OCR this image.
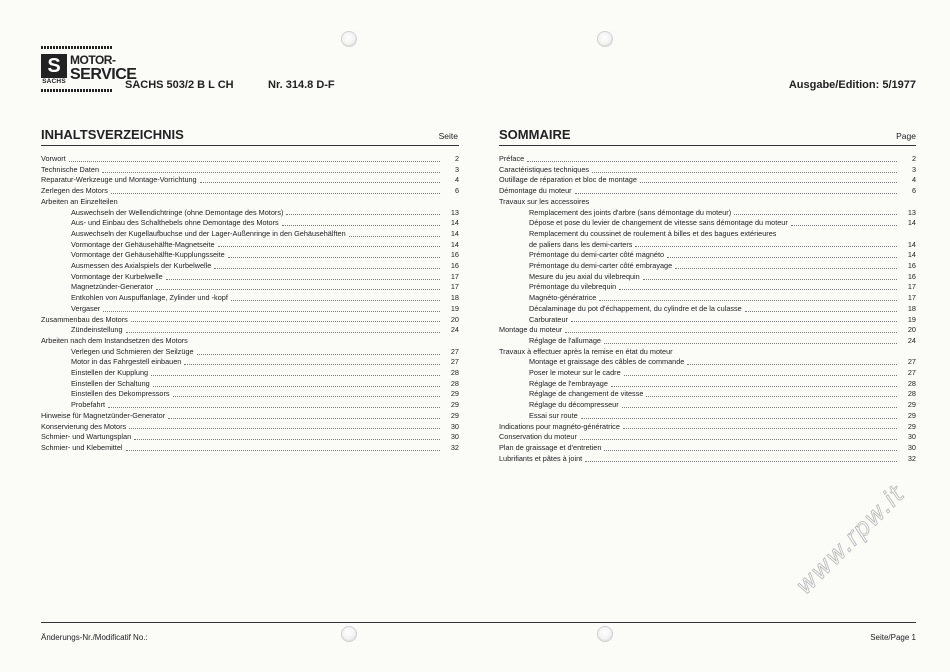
S
SACHS
MOTOR-
SERVICE
SACHS 503/2 B L CH	Nr. 314.8 D-F	Ausgabe/Edition: 5/1977
INHALTSVERZEICHNIS	Seite
Vorwort	2
Technische Daten	3
Reparatur-Werkzeuge und Montage-Vorrichtung	4
Zerlegen des Motors	6
Arbeiten an Einzelteilen
Auswechseln der Wellendichtringe (ohne Demontage des Motors)	13
Aus- und Einbau des Schalthebels ohne Demontage des Motors	14
Auswechseln der Kugellaufbuchse und der Lager-Außenringe in den Gehäusehälften	14
Vormontage der Gehäusehälfte-Magnetseite	14
Vormontage der Gehäusehälfte-Kupplungsseite	16
Ausmessen des Axialspiels der Kurbelwelle	16
Vormontage der Kurbelwelle	17
Magnetzünder-Generator	17
Entkohlen von Auspuffanlage, Zylinder und -kopf	18
Vergaser	19
Zusammenbau des Motors	20
Zündeinstellung	24
Arbeiten nach dem Instandsetzen des Motors
Verlegen und Schmieren der Seilzüge	27
Motor in das Fahrgestell einbauen	27
Einstellen der Kupplung	28
Einstellen der Schaltung	28
Einstellen des Dekompressors	29
Probefahrt	29
Hinweise für Magnetzünder-Generator	29
Konservierung des Motors	30
Schmier- und Wartungsplan	30
Schmier- und Klebemittel	32
SOMMAIRE	Page
Préface	2
Caractéristiques techniques	3
Outillage de réparation et bloc de montage	4
Démontage du moteur	6
Travaux sur les accessoires
Remplacement des joints d'arbre (sans démontage du moteur)	13
Dépose et pose du levier de changement de vitesse sans démontage du moteur	14
Remplacement du coussinet de roulement à billes et des bagues extérieures
de paliers dans les demi-carters	14
Prémontage du demi-carter côté magnéto	14
Prémontage du demi-carter côté embrayage	16
Mesure du jeu axial du vilebrequin	16
Prémontage du vilebrequin	17
Magnéto-génératrice	17
Décalaminage du pot d'échappement, du cylindre et de la culasse	18
Carburateur	19
Montage du moteur	20
Réglage de l'allumage	24
Travaux à effectuer après la remise en état du moteur
Montage et graissage des câbles de commande	27
Poser le moteur sur le cadre	27
Réglage de l'embrayage	28
Réglage de changement de vitesse	28
Réglage du décompresseur	29
Essai sur route	29
Indications pour magnéto-génératrice	29
Conservation du moteur	30
Plan de graissage et d'entretien	30
Lubrifiants et pâtes à joint	32
Änderungs-Nr./Modificatif No.:	Seite/Page 1
www.rpw.it
